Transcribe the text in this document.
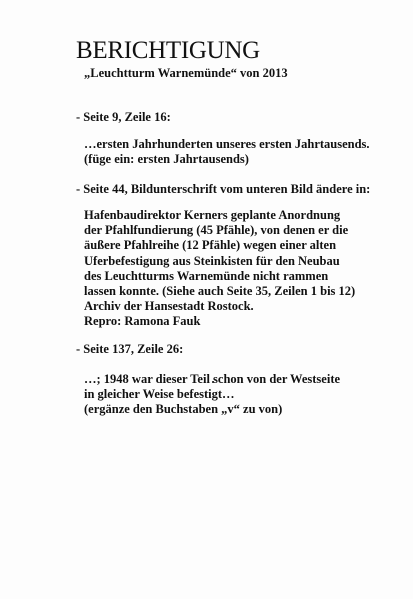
BERICHTIGUNG
„Leuchtturm Warnemünde“ von 2013
- Seite 9, Zeile 16:
…ersten Jahrhunderten unseres ersten Jahrtausends.
(füge ein: ersten Jahrtausends)
- Seite 44, Bildunterschrift vom unteren Bild ändere in:
Hafenbaudirektor Kerners geplante Anordnung
der Pfahlfundierung (45 Pfähle), von denen er die
äußere Pfahlreihe (12 Pfähle) wegen einer alten
Uferbefestigung aus Steinkisten für den Neubau
des Leuchtturms Warnemünde nicht rammen
lassen konnte. (Siehe auch Seite 35, Zeilen 1 bis 12)
Archiv der Hansestadt Rostock.
Repro: Ramona Fauk
- Seite 137, Zeile 26:
…; 1948 war dieser Teil schon von der Westseite
in gleicher Weise befestigt…
(ergänze den Buchstaben „v“ zu von)
